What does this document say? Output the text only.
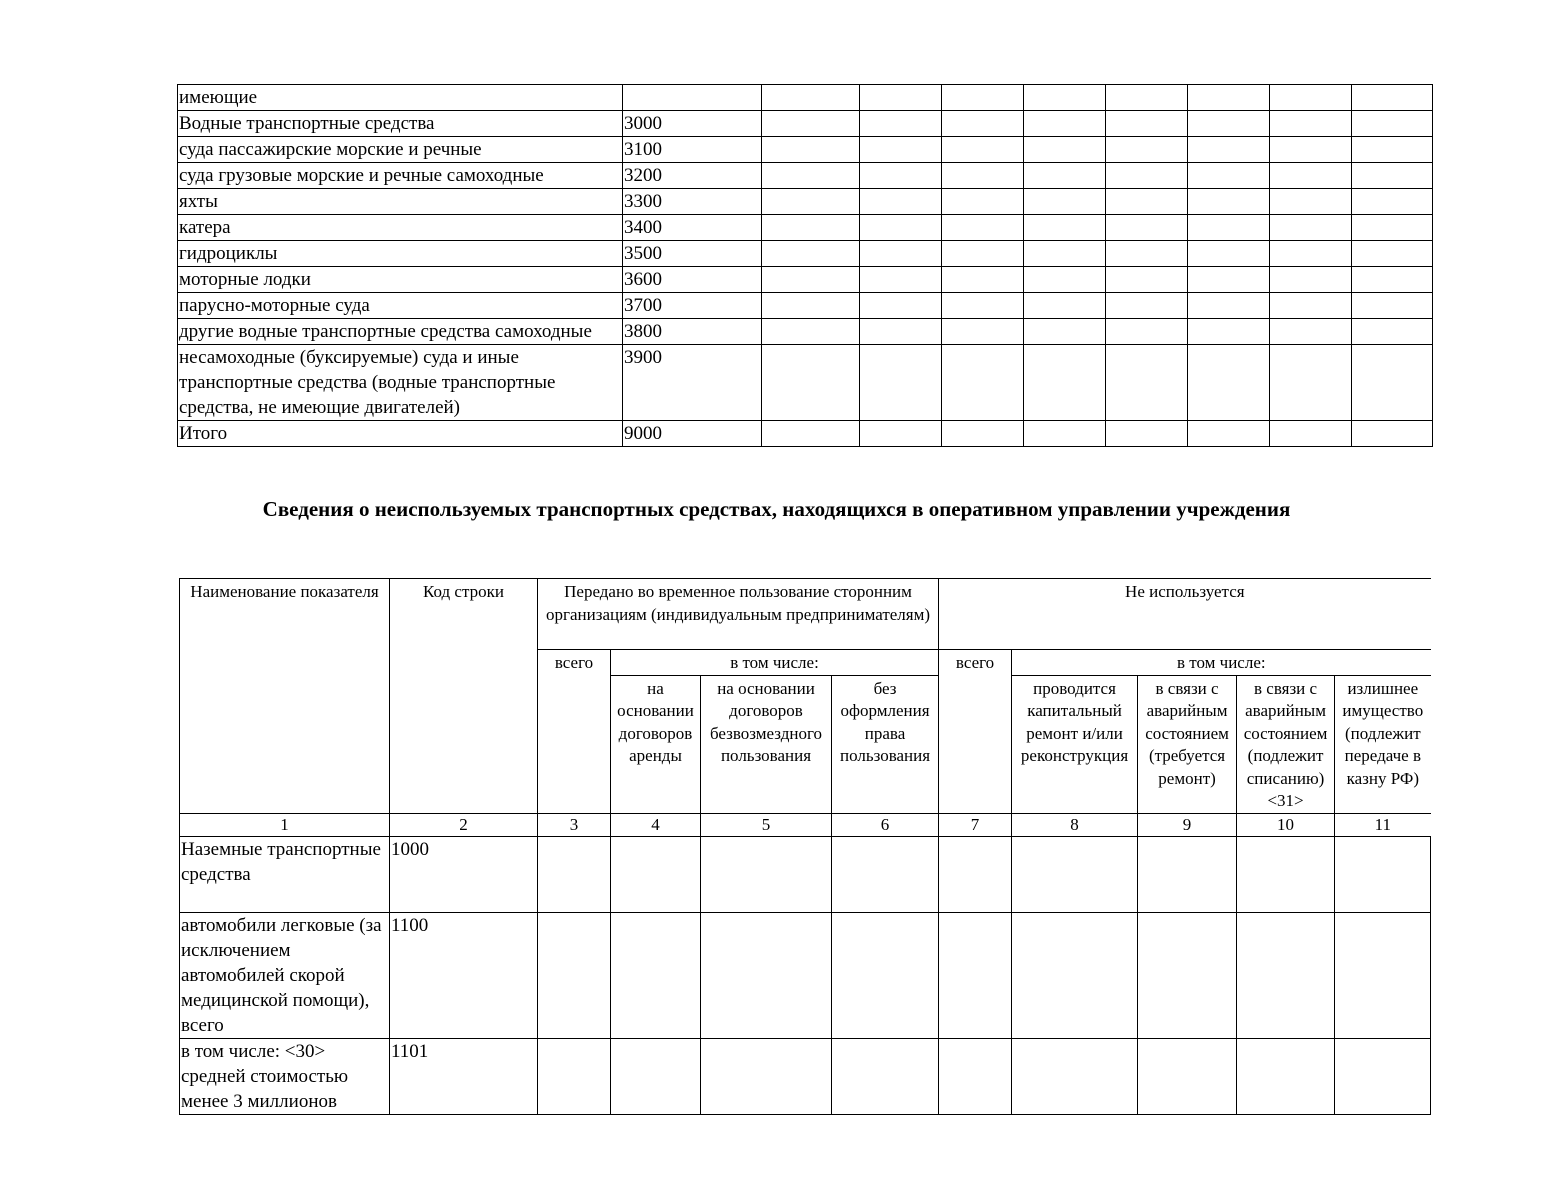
имеющие									
Водные транспортные средства	3000								
суда пассажирские морские и речные	3100								
суда грузовые морские и речные самоходные	3200								
яхты	3300								
катера	3400								
гидроциклы	3500								
моторные лодки	3600								
парусно-моторные суда	3700								
другие водные транспортные средства самоходные	3800								
несамоходные (буксируемые) суда и иные транспортные средства (водные транспортные средства, не имеющие двигателей)	3900								
Итого	9000								
Сведения о неиспользуемых транспортных средствах, находящихся в оперативном управлении учреждения
Наименование показателя	Код строки	Передано во временное пользование сторонним организациям (индивидуальным предпринимателям)				Не используется				
		всего	в том числе:			всего	в том числе:			
			на основании договоров аренды	на основании договоров безвозмездного пользования	без оформления права пользования		проводится капитальный ремонт и/или реконструкция	в связи с аварийным состоянием (требуется ремонт)	в связи с аварийным состоянием (подлежит списанию) <31>	излишнее имущество (подлежит передаче в казну РФ)
1	2	3	4	5	6	7	8	9	10	11
Наземные транспортные средства	1000									
автомобили легковые (за исключением автомобилей скорой медицинской помощи), всего	1100									
в том числе: <30> средней стоимостью менее 3 миллионов	1101									
